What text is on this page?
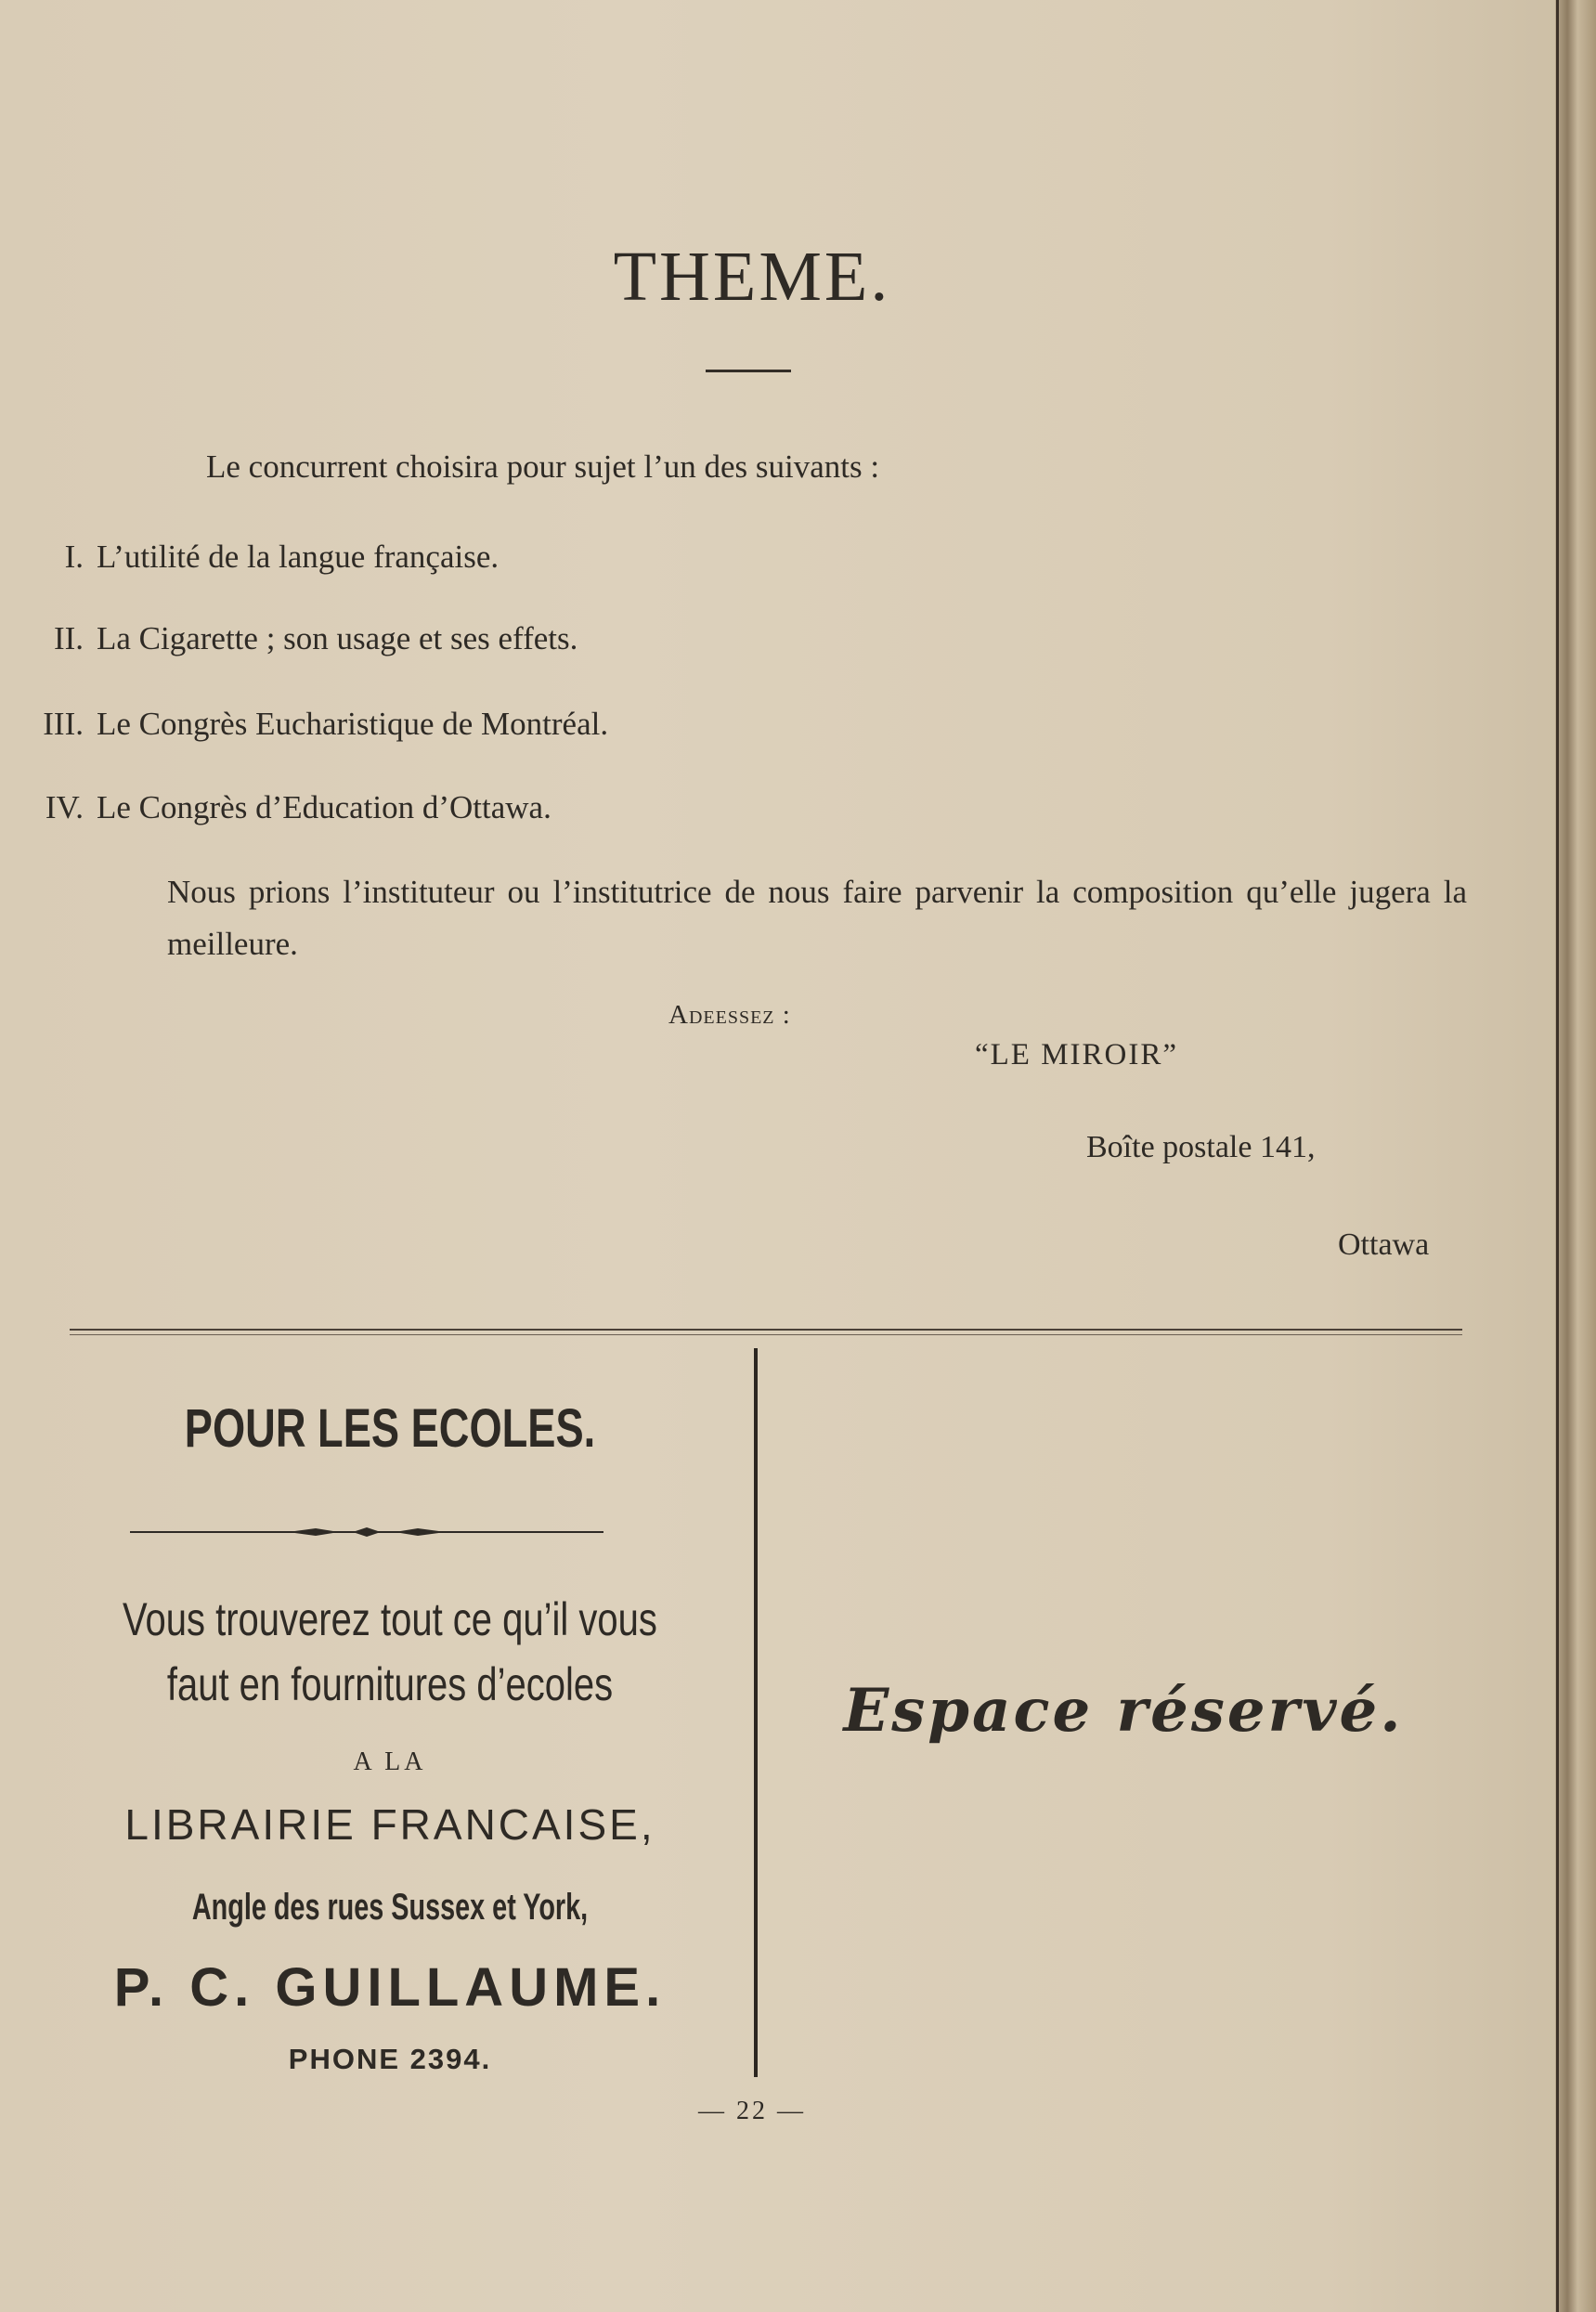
THEME.
Le concurrent choisira pour sujet l’un des suivants :
I. L’utilité de la langue française.
II. La Cigarette ; son usage et ses effets.
III. Le Congrès Eucharistique de Montréal.
IV. Le Congrès d’Education d’Ottawa.
Nous prions l’instituteur ou l’institutrice de nous faire parvenir la composition qu’elle jugera la meilleure.
Adeessez :
“LE MIROIR”
Boîte postale 141,
Ottawa
POUR LES ECOLES.
Vous trouverez tout ce qu’il vous
faut en fournitures d’ecoles
A LA
LIBRAIRIE FRANCAISE,
Angle des rues Sussex et York,
P. C. GUILLAUME.
PHONE 2394.
Espace réservé.
— 22 —
